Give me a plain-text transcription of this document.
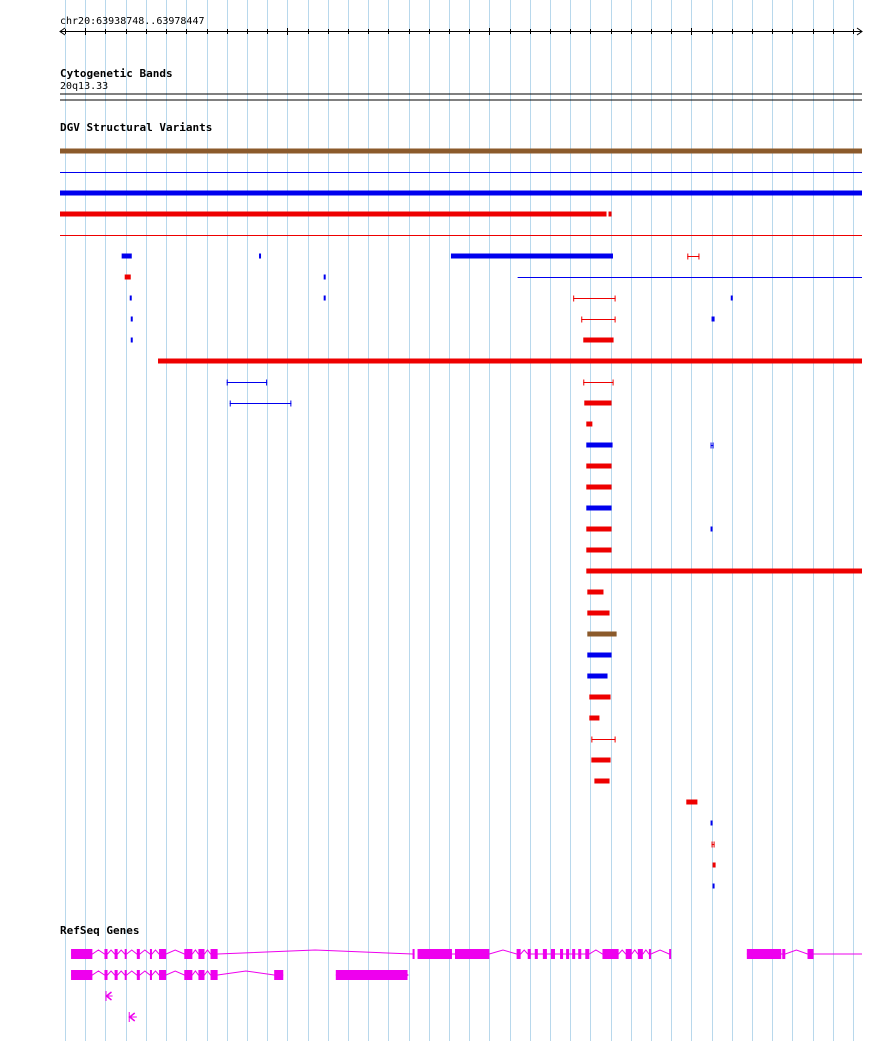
chr20:63938748..63978447
Cytogenetic Bands
20q13.33
DGV Structural Variants
RefSeq Genes
